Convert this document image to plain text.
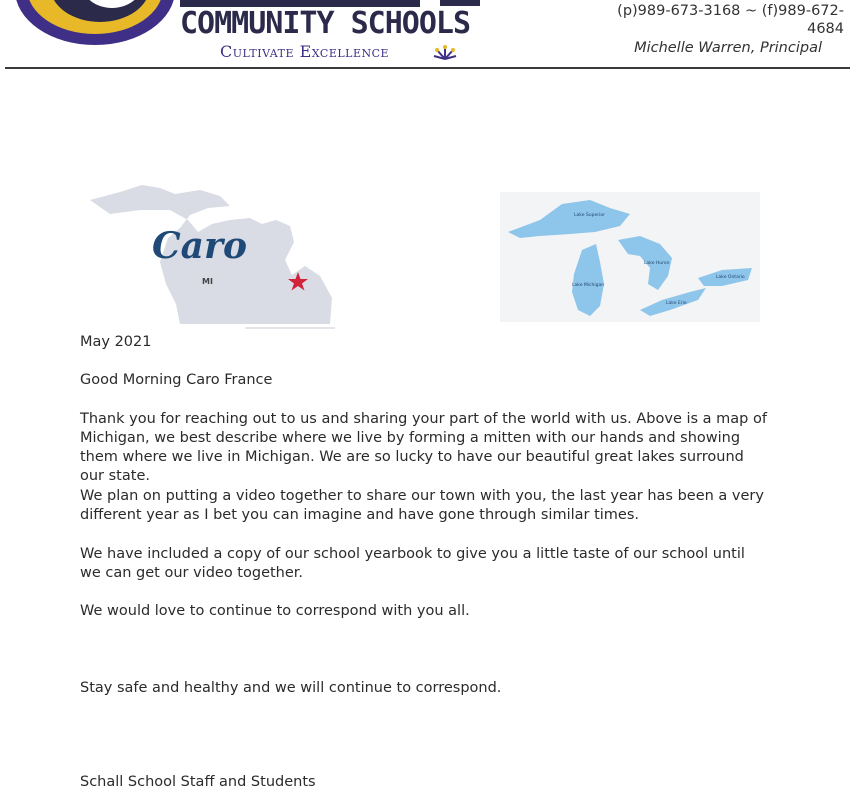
COMMUNITY SCHOOLS
Cultivate Excellence
(p)989-673-3168 ~ (f)989-672-4684
Michelle Warren, Principal
Caro
MI
Lake Superior
Lake Huron
Lake Michigan
Lake Ontario
Lake Erie

May 2021

Good Morning Caro France

Thank you for reaching out to us and sharing your part of the world with us. Above is a map of Michigan, we best describe where we live by forming a mitten with our hands and showing them where we live in Michigan. We are so lucky to have our beautiful great lakes surround our state.

We plan on putting a video together to share our town with you, the last year has been a very different year as I bet you can imagine and have gone through similar times.

We have included a copy of our school yearbook to give you a little taste of our school until we can get our video together.

We would love to continue to correspond with you all.

Stay safe and healthy and we will continue to correspond.

Schall School Staff and Students
